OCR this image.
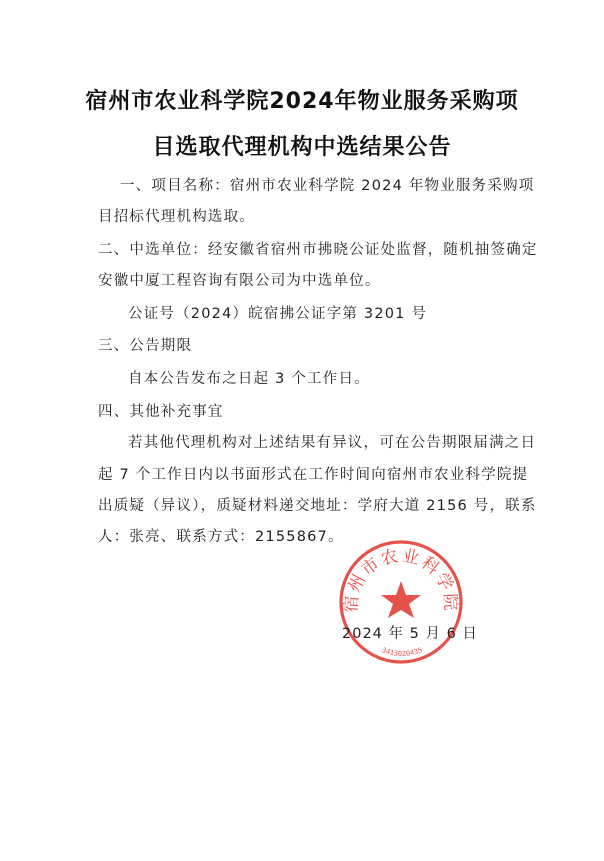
宿州市农业科学院2024年物业服务采购项
目选取代理机构中选结果公告

一、项目名称：宿州市农业科学院 2024 年物业服务采购项

目招标代理机构选取。

二、中选单位：经安徽省宿州市拂晓公证处监督，随机抽签确定

安徽中厦工程咨询有限公司为中选单位。

公证号（2024）皖宿拂公证字第 3201 号

三、公告期限

自本公告发布之日起 3 个工作日。

四、其他补充事宜

若其他代理机构对上述结果有异议，可在公告期限届满之日

起 7 个工作日内以书面形式在工作时间向宿州市农业科学院提

出质疑（异议），质疑材料递交地址：学府大道 2156 号，联系

人：张亮、联系方式：2155867。

宿州市农业科学院
3413020435

2024 年 5 月 6 日
